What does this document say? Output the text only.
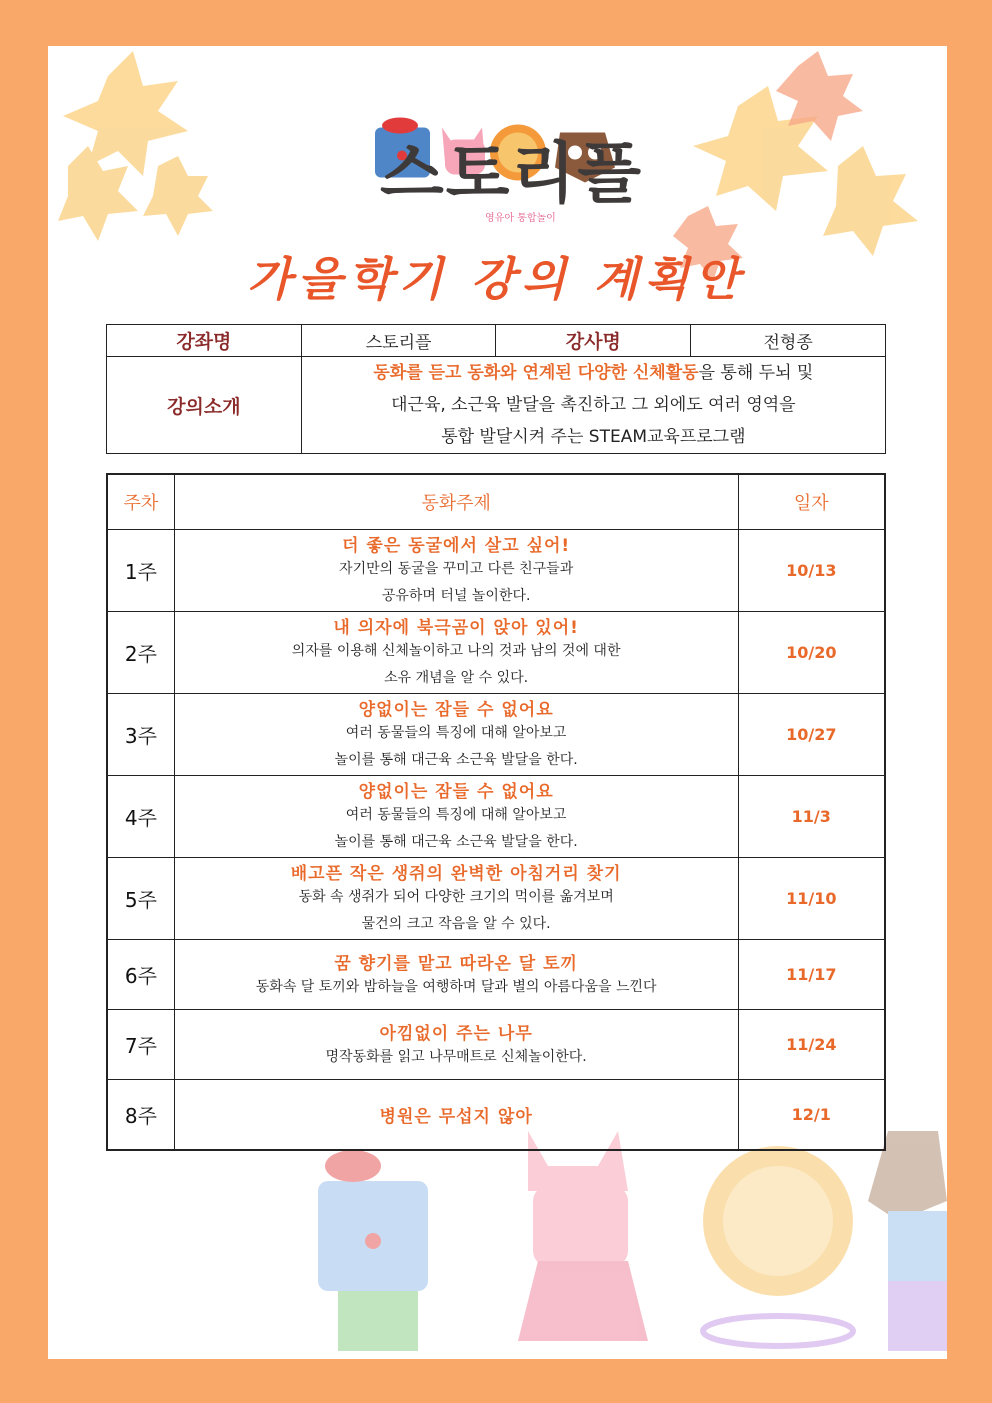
스토리플
영유아 통합놀이
가을학기 강의 계획안
강좌명	스토리플	강사명	전형종
강의소개	동화를 듣고 동화와 연계된 다양한 신체활동을 통해 두뇌 및
대근육, 소근육 발달을 촉진하고 그 외에도 여러 영역을
통합 발달시켜 주는 STEAM교육프로그램		
주차	동화주제	일자
1주	더 좋은 동굴에서 살고 싶어!
자기만의 동굴을 꾸미고 다른 친구들과
공유하며 터널 놀이한다.	10/13
2주	내 의자에 북극곰이 앉아 있어!
의자를 이용해 신체놀이하고 나의 것과 남의 것에 대한
소유 개념을 알 수 있다.	10/20
3주	양없이는 잠들 수 없어요
여러 동물들의 특징에 대해 알아보고
놀이를 통해 대근육 소근육 발달을 한다.	10/27
4주	양없이는 잠들 수 없어요
여러 동물들의 특징에 대해 알아보고
놀이를 통해 대근육 소근육 발달을 한다.	11/3
5주	배고픈 작은 생쥐의 완벽한 아침거리 찾기
동화 속 생쥐가 되어 다양한 크기의 먹이를 옮겨보며
물건의 크고 작음을 알 수 있다.	11/10
6주	꿈 향기를 맡고 따라온 달 토끼
동화속 달 토끼와 밤하늘을 여행하며 달과 별의 아름다움을 느낀다	11/17
7주	아낌없이 주는 나무
명작동화를 읽고 나무매트로 신체놀이한다.	11/24
8주	병원은 무섭지 않아	12/1
